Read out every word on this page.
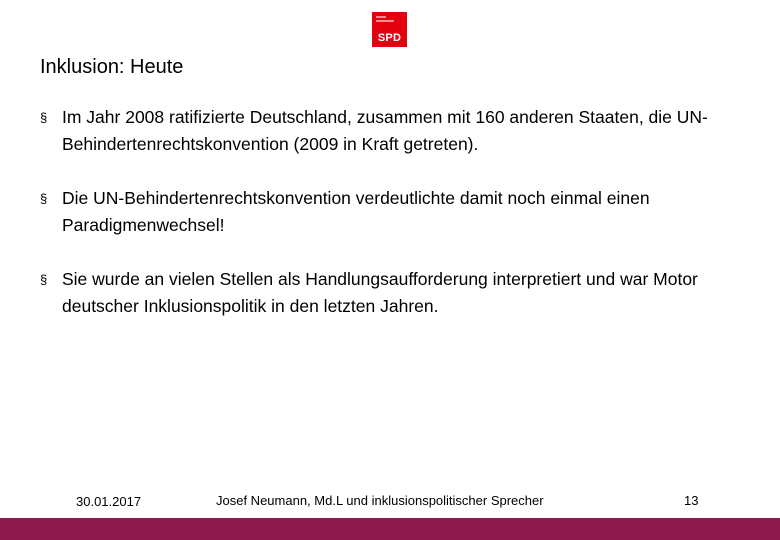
SPD
Inklusion: Heute
§ Im Jahr 2008 ratifizierte Deutschland, zusammen mit 160 anderen Staaten, die UN-Behindertenrechtskonvention (2009 in Kraft getreten).
§ Die UN-Behindertenrechtskonvention verdeutlichte damit noch einmal einen Paradigmenwechsel!
§ Sie wurde an vielen Stellen als Handlungsaufforderung interpretiert und war Motor deutscher Inklusionspolitik in den letzten Jahren.
30.01.2017	Josef Neumann, Md.L und inklusionspolitischer Sprecher	13
